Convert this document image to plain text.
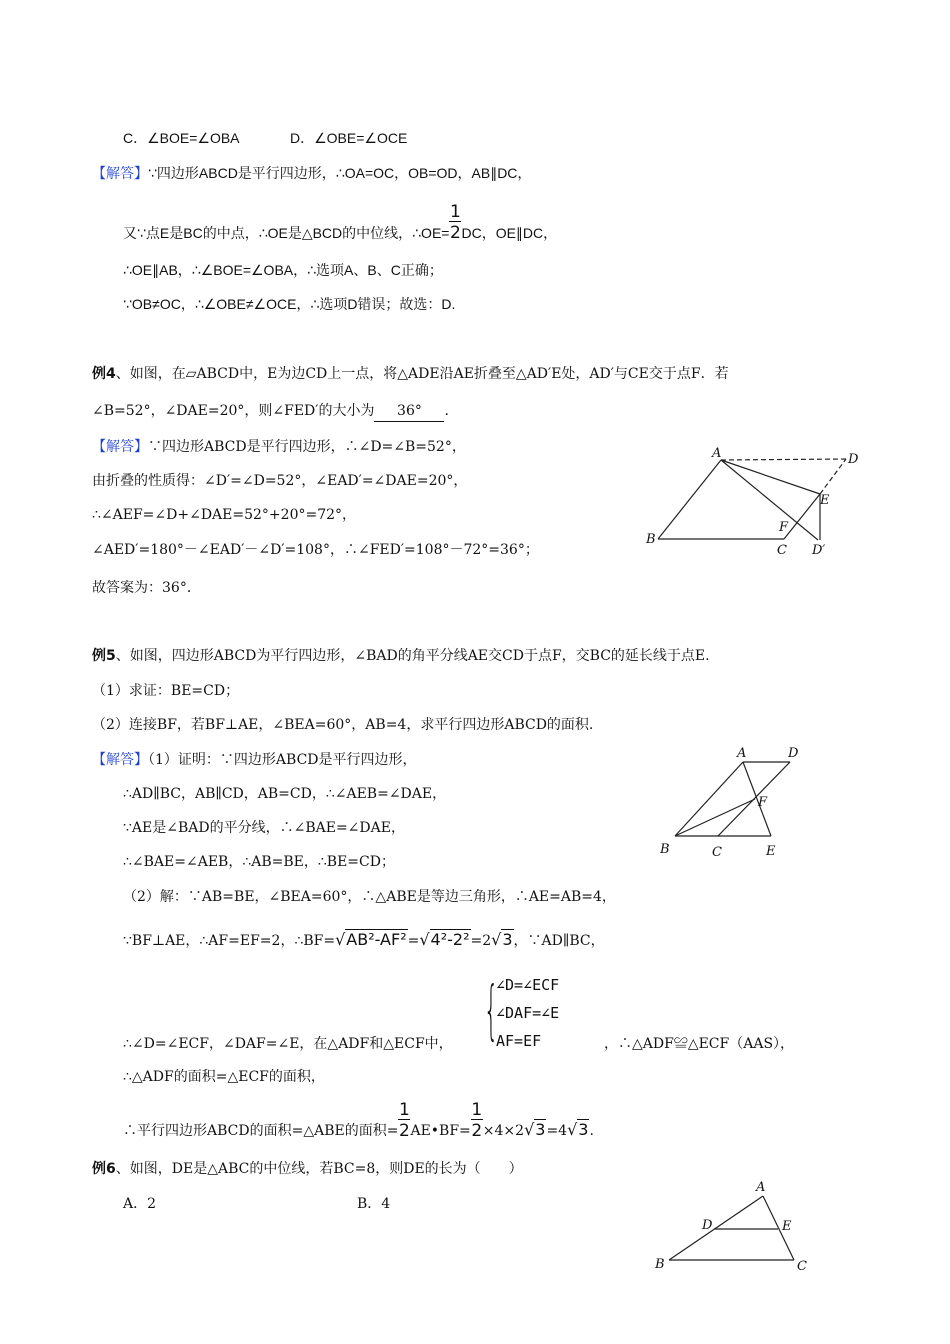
C．∠BOE=∠OBA	D．∠OBE=∠OCE
【解答】∵四边形ABCD是平行四边形，∴OA=OC，OB=OD，AB∥DC，
又∵点E是BC的中点，∴OE是△BCD的中位线，∴OE= $\frac{1}{2}$ DC，OE∥DC，
∴OE∥AB，∴∠BOE=∠OBA，∴选项A、B、C正确；
∵OB≠OC，∴∠OBE≠∠OCE，∴选项D错误；故选：D.
例4、如图，在▱ABCD中，E为边CD上一点，将△ADE沿AE折叠至△AD′E处，AD′与CE交于点F．若
∠B=52°，∠DAE=20°，则∠FED′的大小为 36° .
【解答】∵四边形ABCD是平行四边形，∴∠D=∠B=52°，
由折叠的性质得：∠D′=∠D=52°，∠EAD′=∠DAE=20°，
∴∠AEF=∠D+∠DAE=52°+20°=72°，
∠AED′=180°－∠EAD′－∠D′=108°，∴∠FED′=108°－72°=36°；
故答案为：36°．
A
B
C
D
E
F
D′
例5、如图，四边形ABCD为平行四边形，∠BAD的角平分线AE交CD于点F，交BC的延长线于点E.
（1）求证：BE=CD；
（2）连接BF，若BF⊥AE，∠BEA=60°，AB=4，求平行四边形ABCD的面积.
【解答】（1）证明：∵四边形ABCD是平行四边形，
∴AD∥BC，AB∥CD，AB=CD，∴∠AEB=∠DAE，
∵AE是∠BAD的平分线，∴∠BAE=∠DAE，
∴∠BAE=∠AEB，∴AB=BE，∴BE=CD；
A	D
F
B	C	E
（2）解：∵AB=BE，∠BEA=60°，∴△ABE是等边三角形，∴AE=AB=4，
∵BF⊥AE，∴AF=EF=2，∴BF=√AB²-AF²=√4²-2²=2√3，∵AD∥BC，
{
∠D=∠ECF
∠DAF=∠E
AF=EF
∴∠D=∠ECF，∠DAF=∠E，在△ADF和△ECF中，	，∴△ADF≌△ECF（AAS），
∴△ADF的面积=△ECF的面积，
∴平行四边形ABCD的面积=△ABE的面积= $\frac{1}{2}$ AE•BF= $\frac{1}{2} \times 4\times 2√3=4√3$.
例6、如图，DE是△ABC的中位线，若BC=8，则DE的长为（　　）
A．2	B．4
A
D	E
B	C
